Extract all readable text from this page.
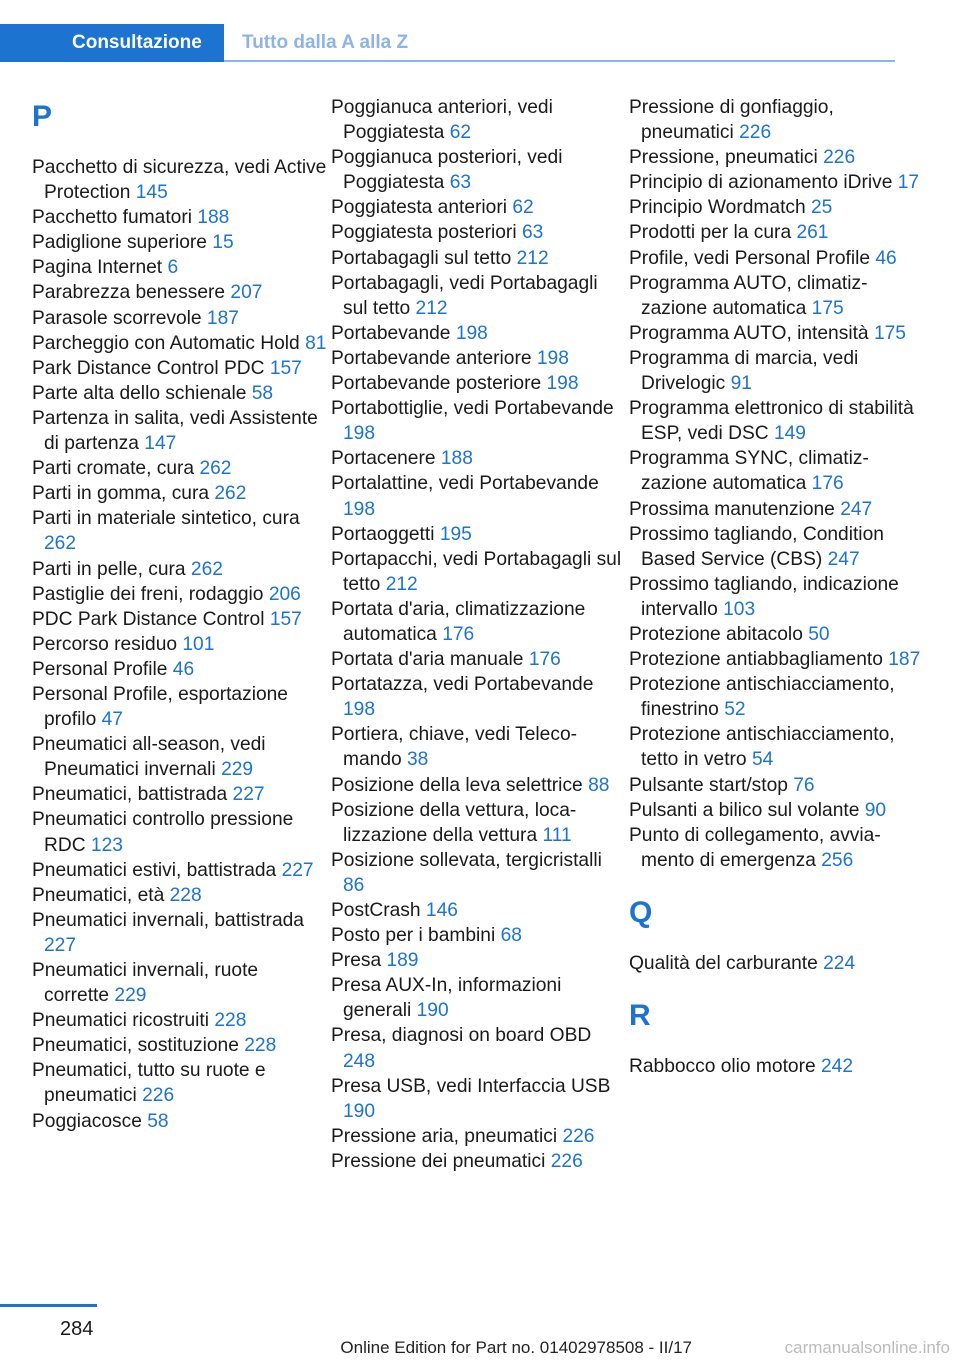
Consultazione	Tutto dalla A alla Z
P
Pacchetto di sicurezza, vedi Active Protection 145
Pacchetto fumatori 188
Padiglione superiore 15
Pagina Internet 6
Parabrezza benessere 207
Parasole scorrevole 187
Parcheggio con Automatic Hold 81
Park Distance Control PDC 157
Parte alta dello schienale 58
Partenza in salita, vedi Assistente di partenza 147
Parti cromate, cura 262
Parti in gomma, cura 262
Parti in materiale sintetico, cura 262
Parti in pelle, cura 262
Pastiglie dei freni, rodaggio 206
PDC Park Distance Control 157
Percorso residuo 101
Personal Profile 46
Personal Profile, esportazione profilo 47
Pneumatici all-season, vedi Pneumatici invernali 229
Pneumatici, battistrada 227
Pneumatici controllo pressione RDC 123
Pneumatici estivi, battistrada 227
Pneumatici, età 228
Pneumatici invernali, battistrada 227
Pneumatici invernali, ruote corrette 229
Pneumatici ricostruiti 228
Pneumatici, sostituzione 228
Pneumatici, tutto su ruote e pneumatici 226
Poggiacosce 58
Poggianuca anteriori, vedi Poggiatesta 62
Poggianuca posteriori, vedi Poggiatesta 63
Poggiatesta anteriori 62
Poggiatesta posteriori 63
Portabagagli sul tetto 212
Portabagagli, vedi Portabagagli sul tetto 212
Portabevande 198
Portabevande anteriore 198
Portabevande posteriore 198
Portabottiglie, vedi Portabevande 198
Portacenere 188
Portalattine, vedi Portabevande 198
Portaoggetti 195
Portapacchi, vedi Portabagagli sul tetto 212
Portata d'aria, climatizzazione automatica 176
Portata d'aria manuale 176
Portatazza, vedi Portabevande 198
Portiera, chiave, vedi Telecomando 38
Posizione della leva selettrice 88
Posizione della vettura, localizzazione della vettura 111
Posizione sollevata, tergicristalli 86
PostCrash 146
Posto per i bambini 68
Presa 189
Presa AUX-In, informazioni generali 190
Presa, diagnosi on board OBD 248
Presa USB, vedi Interfaccia USB 190
Pressione aria, pneumatici 226
Pressione dei pneumatici 226
Pressione di gonfiaggio, pneumatici 226
Pressione, pneumatici 226
Principio di azionamento iDrive 17
Principio Wordmatch 25
Prodotti per la cura 261
Profile, vedi Personal Profile 46
Programma AUTO, climatizzazione automatica 175
Programma AUTO, intensità 175
Programma di marcia, vedi Drivelogic 91
Programma elettronico di stabilità ESP, vedi DSC 149
Programma SYNC, climatizzazione automatica 176
Prossima manutenzione 247
Prossimo tagliando, Condition Based Service (CBS) 247
Prossimo tagliando, indicazione intervallo 103
Protezione abitacolo 50
Protezione antiabbagliamento 187
Protezione antischiacciamento, finestrino 52
Protezione antischiacciamento, tetto in vetro 54
Pulsante start/stop 76
Pulsanti a bilico sul volante 90
Punto di collegamento, avviamento di emergenza 256
Q
Qualità del carburante 224
R
Rabbocco olio motore 242
284
Online Edition for Part no. 01402978508 - II/17	carmanualsonline.info
